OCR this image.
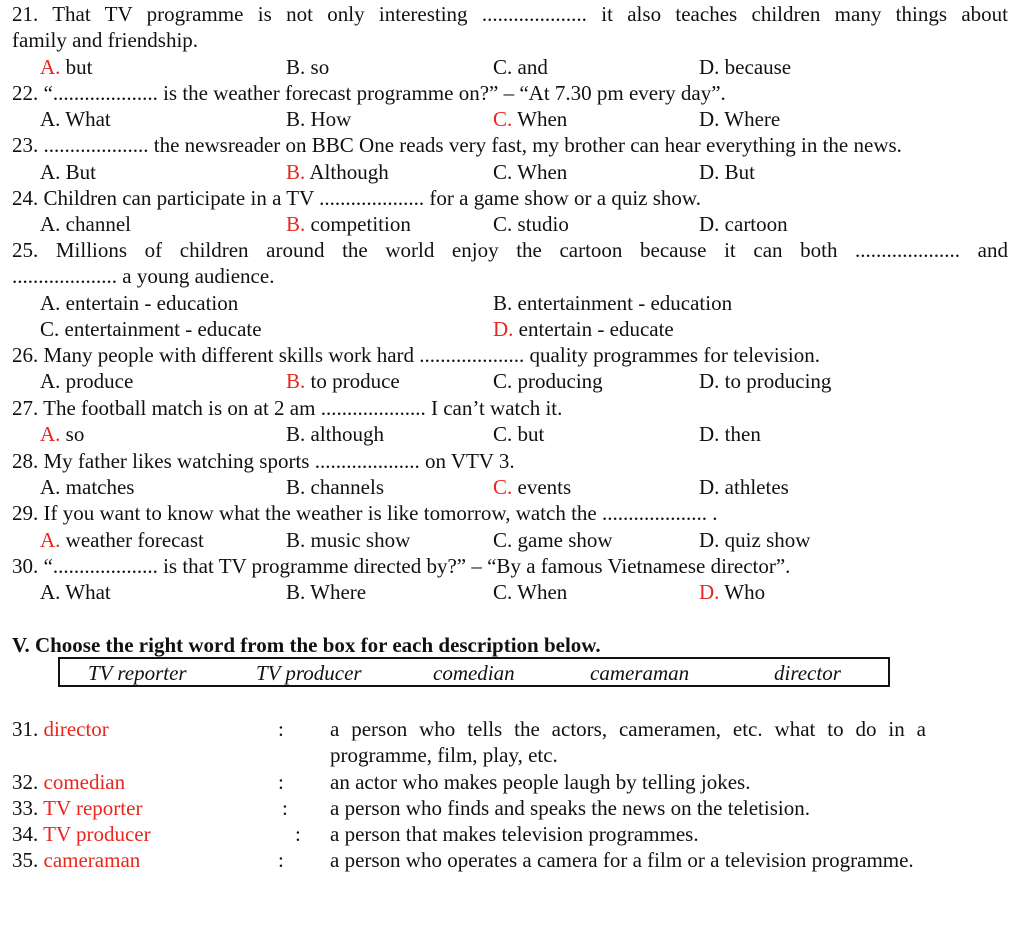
21. That TV programme is not only interesting .................... it also teaches children many things about
family and friendship.
A. but	B. so	C. and	D. because
22. “.................... is the weather forecast programme on?” – “At 7.30 pm every day”.
A. What	B. How	C. When	D. Where
23. .................... the newsreader on BBC One reads very fast, my brother can hear everything in the news.
A. But	B. Although	C. When	D. But
24. Children can participate in a TV .................... for a game show or a quiz show.
A. channel	B. competition	C. studio	D. cartoon
25. Millions of children around the world enjoy the cartoon because it can both .................... and
.................... a young audience.
A. entertain - education	B. entertainment - education
C. entertainment - educate	D. entertain - educate
26. Many people with different skills work hard .................... quality programmes for television.
A. produce	B. to produce	C. producing	D. to producing
27. The football match is on at 2 am .................... I can’t watch it.
A. so	B. although	C. but	D. then
28. My father likes watching sports .................... on VTV 3.
A. matches	B. channels	C. events	D. athletes
29. If you want to know what the weather is like tomorrow, watch the .................... .
A. weather forecast	B. music show	C. game show	D. quiz show
30. “.................... is that TV programme directed by?” – “By a famous Vietnamese director”.
A. What	B. Where	C. When	D. Who
V. Choose the right word from the box for each description below.
TV reporter	TV producer	comedian	cameraman	director
31. director	: a person who tells the actors, cameramen, etc. what to do in a programme, film, play, etc.
32. comedian	: an actor who makes people laugh by telling jokes.
33. TV reporter	: a person who finds and speaks the news on the teletision.
34. TV producer	: a person that makes television programmes.
35. cameraman	: a person who operates a camera for a film or a television programme.
